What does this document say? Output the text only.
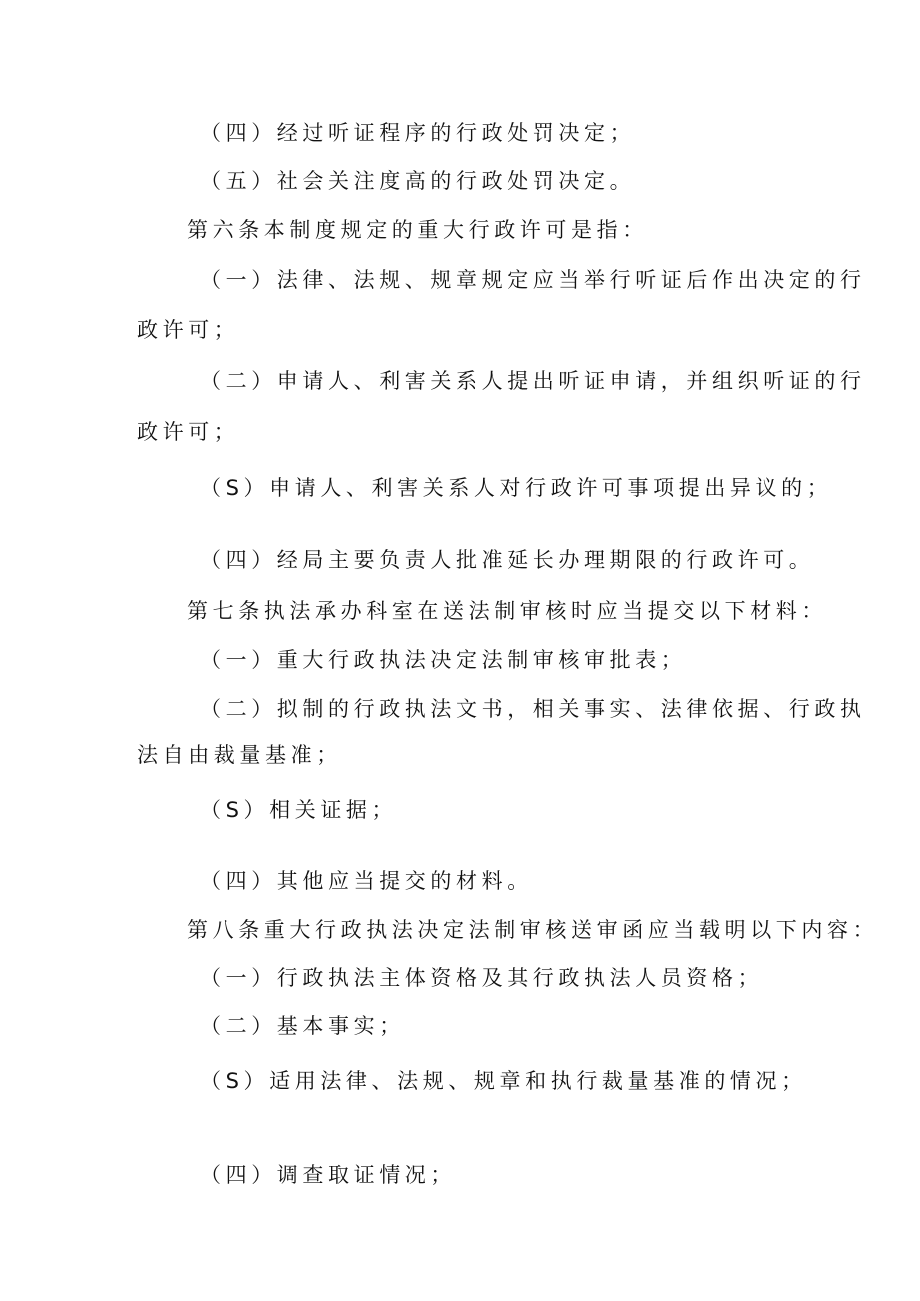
（四）经过听证程序的行政处罚决定；
（五）社会关注度高的行政处罚决定。
第六条本制度规定的重大行政许可是指：
（一）法律、法规、规章规定应当举行听证后作出决定的行
政许可；
（二）申请人、利害关系人提出听证申请，并组织听证的行
政许可；
（S）申请人、利害关系人对行政许可事项提出异议的；
（四）经局主要负责人批准延长办理期限的行政许可。
第七条执法承办科室在送法制审核时应当提交以下材料：
（一）重大行政执法决定法制审核审批表；
（二）拟制的行政执法文书，相关事实、法律依据、行政执
法自由裁量基准；
（S）相关证据；
（四）其他应当提交的材料。
第八条重大行政执法决定法制审核送审函应当载明以下内容：
（一）行政执法主体资格及其行政执法人员资格；
（二）基本事实；
（S）适用法律、法规、规章和执行裁量基准的情况；
（四）调查取证情况；
